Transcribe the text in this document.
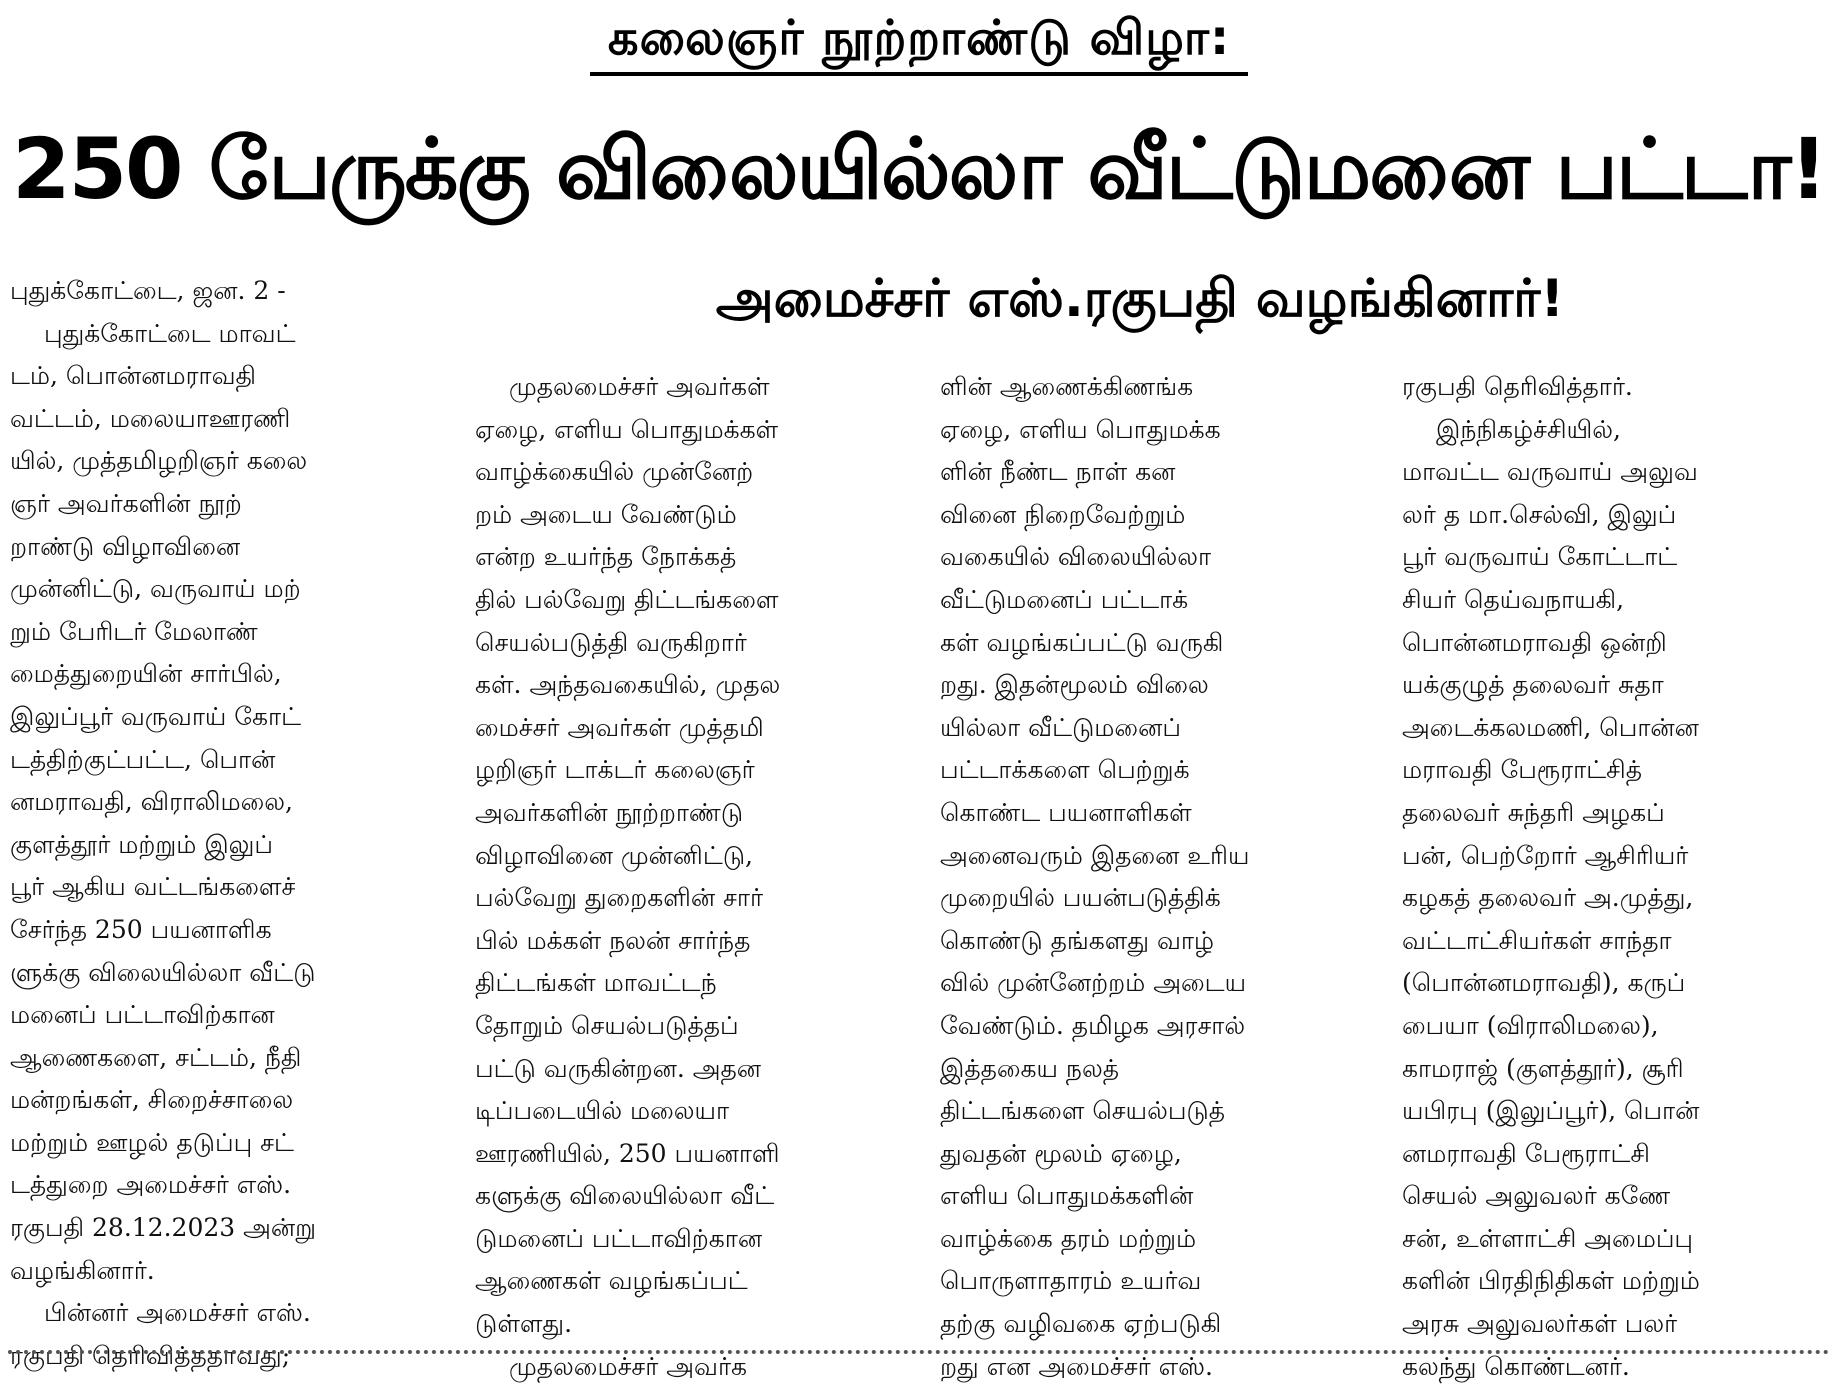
கலைஞர் நூற்றாண்டு விழா:
250 பேருக்கு விலையில்லா வீட்டுமனை பட்டா!
அமைச்சர் எஸ்.ரகுபதி வழங்கினார்!
புதுக்கோட்டை, ஜன. 2 -
புதுக்கோட்டை மாவட்
டம், பொன்னமராவதி
வட்டம், மலையாஊரணி
யில், முத்தமிழறிஞர் கலை
ஞர் அவர்களின் நூற்
றாண்டு விழாவினை
முன்னிட்டு, வருவாய் மற்
றும் பேரிடர் மேலாண்
மைத்துறையின் சார்பில்,
இலுப்பூர் வருவாய் கோட்
டத்திற்குட்பட்ட, பொன்
னமராவதி, விராலிமலை,
குளத்தூர் மற்றும் இலுப்
பூர் ஆகிய வட்டங்களைச்
சேர்ந்த 250 பயனாளிக
ளுக்கு விலையில்லா வீட்டு
மனைப் பட்டாவிற்கான
ஆணைகளை, சட்டம், நீதி
மன்றங்கள், சிறைச்சாலை
மற்றும் ஊழல் தடுப்பு சட்
டத்துறை அமைச்சர் எஸ்.
ரகுபதி 28.12.2023 அன்று
வழங்கினார்.
பின்னர் அமைச்சர் எஸ்.
ரகுபதி தெரிவித்ததாவது;
முதலமைச்சர் அவர்கள்
ஏழை, எளிய பொதுமக்கள்
வாழ்க்கையில் முன்னேற்
றம் அடைய வேண்டும்
என்ற உயர்ந்த நோக்கத்
தில் பல்வேறு திட்டங்களை
செயல்படுத்தி வருகிறார்
கள். அந்தவகையில், முதல
மைச்சர் அவர்கள் முத்தமி
ழறிஞர் டாக்டர் கலைஞர்
அவர்களின் நூற்றாண்டு
விழாவினை முன்னிட்டு,
பல்வேறு துறைகளின் சார்
பில் மக்கள் நலன் சார்ந்த
திட்டங்கள் மாவட்டந்
தோறும் செயல்படுத்தப்
பட்டு வருகின்றன. அதன
டிப்படையில் மலையா
ஊரணியில், 250 பயனாளி
களுக்கு விலையில்லா வீட்
டுமனைப் பட்டாவிற்கான
ஆணைகள் வழங்கப்பட்
டுள்ளது.
முதலமைச்சர் அவர்க
ளின் ஆணைக்கிணங்க
ஏழை, எளிய பொதுமக்க
ளின் நீண்ட நாள் கன
வினை நிறைவேற்றும்
வகையில் விலையில்லா
வீட்டுமனைப் பட்டாக்
கள் வழங்கப்பட்டு வருகி
றது. இதன்மூலம் விலை
யில்லா வீட்டுமனைப்
பட்டாக்களை பெற்றுக்
கொண்ட பயனாளிகள்
அனைவரும் இதனை உரிய
முறையில் பயன்படுத்திக்
கொண்டு தங்களது வாழ்
வில் முன்னேற்றம் அடைய
வேண்டும். தமிழக அரசால்
இத்தகைய நலத்
திட்டங்களை செயல்படுத்
துவதன் மூலம் ஏழை,
எளிய பொதுமக்களின்
வாழ்க்கை தரம் மற்றும்
பொருளாதாரம் உயர்வ
தற்கு வழிவகை ஏற்படுகி
றது என அமைச்சர் எஸ்.
ரகுபதி தெரிவித்தார்.
இந்நிகழ்ச்சியில்,
மாவட்ட வருவாய் அலுவ
லர் த மா.செல்வி, இலுப்
பூர் வருவாய் கோட்டாட்
சியர் தெய்வநாயகி,
பொன்னமராவதி ஒன்றி
யக்குழுத் தலைவர் சுதா
அடைக்கலமணி, பொன்ன
மராவதி பேரூராட்சித்
தலைவர் சுந்தரி அழகப்
பன், பெற்றோர் ஆசிரியர்
கழகத் தலைவர் அ.முத்து,
வட்டாட்சியர்கள் சாந்தா
(பொன்னமராவதி), கருப்
பையா (விராலிமலை),
காமராஜ் (குளத்தூர்), சூரி
யபிரபு (இலுப்பூர்), பொன்
னமராவதி பேரூராட்சி
செயல் அலுவலர் கணே
சன், உள்ளாட்சி அமைப்பு
களின் பிரதிநிதிகள் மற்றும்
அரசு அலுவலர்கள் பலர்
கலந்து கொண்டனர்.
